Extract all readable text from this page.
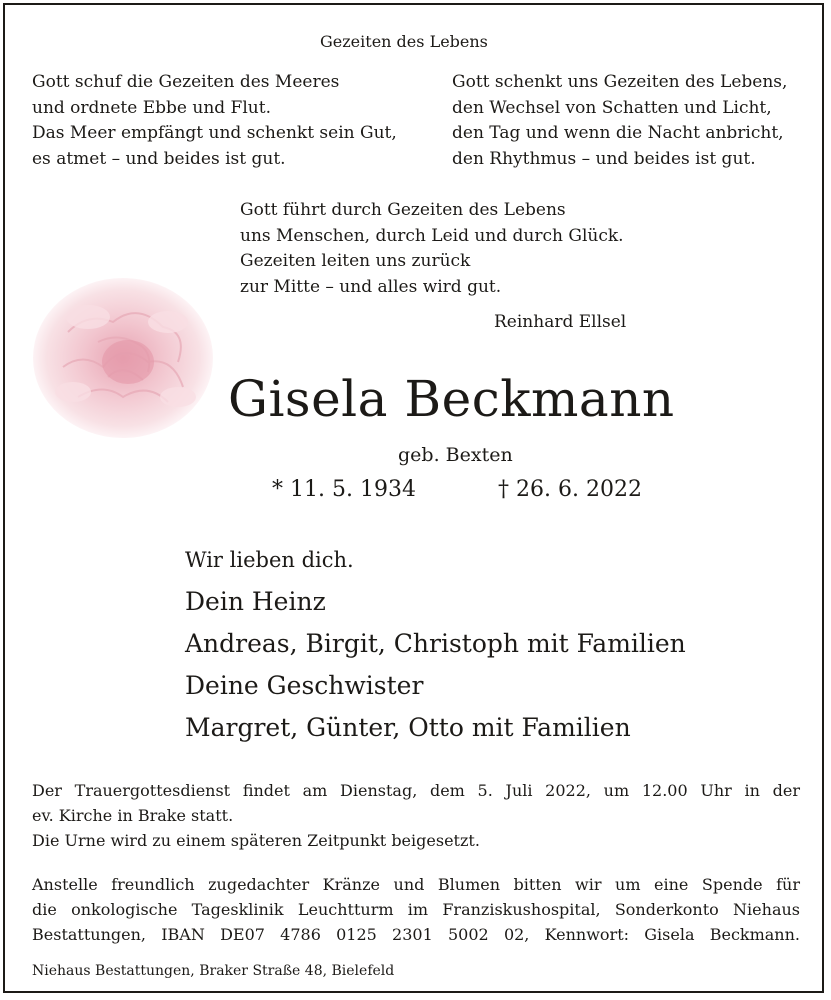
Gezeiten des Lebens
Gott schuf die Gezeiten des Meeres
und ordnete Ebbe und Flut.
Das Meer empfängt und schenkt sein Gut,
es atmet – und beides ist gut.
Gott schenkt uns Gezeiten des Lebens,
den Wechsel von Schatten und Licht,
den Tag und wenn die Nacht anbricht,
den Rhythmus – und beides ist gut.
Gott führt durch Gezeiten des Lebens
uns Menschen, durch Leid und durch Glück.
Gezeiten leiten uns zurück
zur Mitte – und alles wird gut.
Reinhard Ellsel
Gisela Beckmann
geb. Bexten
* 11. 5. 1934	† 26. 6. 2022
Wir lieben dich.
Dein Heinz
Andreas, Birgit, Christoph mit Familien
Deine Geschwister
Margret, Günter, Otto mit Familien
Der Trauergottesdienst findet am Dienstag, dem 5. Juli 2022, um 12.00 Uhr in der
ev. Kirche in Brake statt.
Die Urne wird zu einem späteren Zeitpunkt beigesetzt.
Anstelle freundlich zugedachter Kränze und Blumen bitten wir um eine Spende für
die onkologische Tagesklinik Leuchtturm im Franziskushospital, Sonderkonto Niehaus
Bestattungen, IBAN DE07 4786 0125 2301 5002 02, Kennwort: Gisela Beckmann.
Niehaus Bestattungen, Braker Straße 48, Bielefeld
